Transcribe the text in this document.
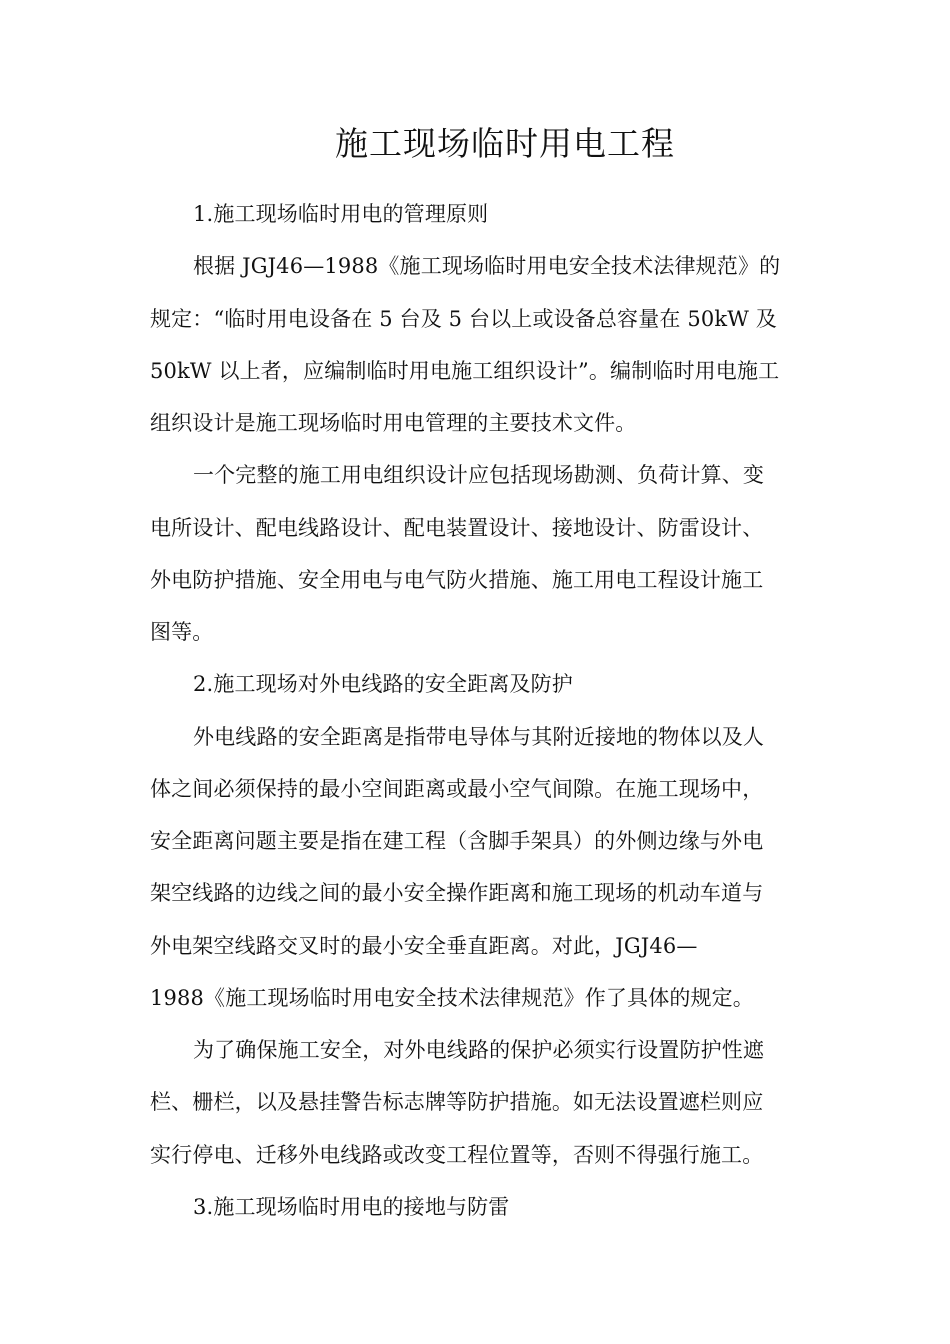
施工现场临时用电工程
1.施工现场临时用电的管理原则
根据 JGJ46—1988《施工现场临时用电安全技术法律规范》的
规定：“临时用电设备在 5 台及 5 台以上或设备总容量在 50kW 及
50kW 以上者，应编制临时用电施工组织设计”。编制临时用电施工
组织设计是施工现场临时用电管理的主要技术文件。
一个完整的施工用电组织设计应包括现场勘测、负荷计算、变
电所设计、配电线路设计、配电装置设计、接地设计、防雷设计、
外电防护措施、安全用电与电气防火措施、施工用电工程设计施工
图等。
2.施工现场对外电线路的安全距离及防护
外电线路的安全距离是指带电导体与其附近接地的物体以及人
体之间必须保持的最小空间距离或最小空气间隙。在施工现场中，
安全距离问题主要是指在建工程（含脚手架具）的外侧边缘与外电
架空线路的边线之间的最小安全操作距离和施工现场的机动车道与
外电架空线路交叉时的最小安全垂直距离。对此，JGJ46—
1988《施工现场临时用电安全技术法律规范》作了具体的规定。
为了确保施工安全，对外电线路的保护必须实行设置防护性遮
栏、栅栏，以及悬挂警告标志牌等防护措施。如无法设置遮栏则应
实行停电、迁移外电线路或改变工程位置等，否则不得强行施工。
3.施工现场临时用电的接地与防雷
